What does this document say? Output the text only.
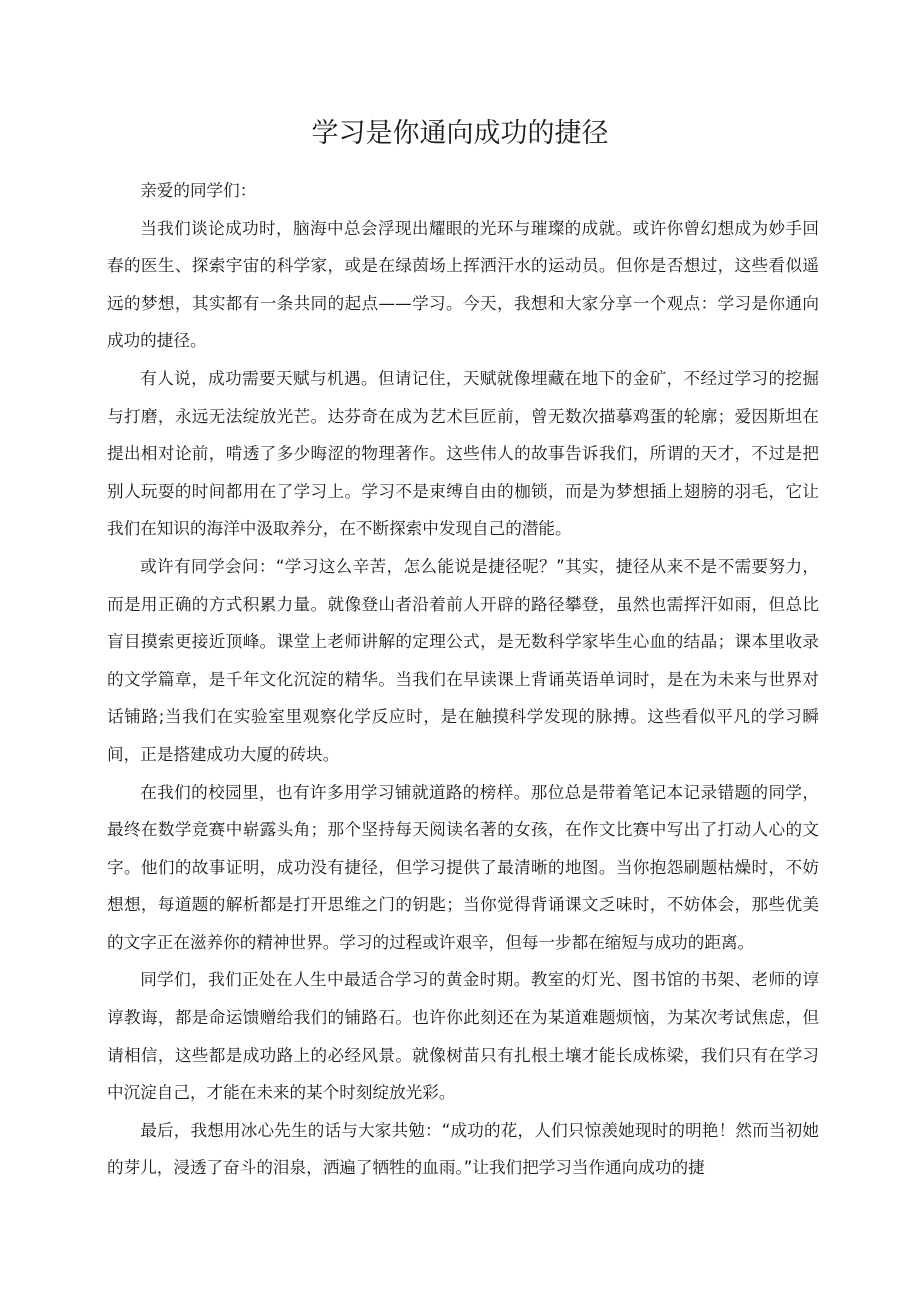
学习是你通向成功的捷径

亲爱的同学们：

当我们谈论成功时，脑海中总会浮现出耀眼的光环与璀璨的成就。或许你曾幻想成为妙手回春的医生、探索宇宙的科学家，或是在绿茵场上挥洒汗水的运动员。但你是否想过，这些看似遥远的梦想，其实都有一条共同的起点——学习。今天，我想和大家分享一个观点：学习是你通向成功的捷径。

有人说，成功需要天赋与机遇。但请记住，天赋就像埋藏在地下的金矿，不经过学习的挖掘与打磨，永远无法绽放光芒。达芬奇在成为艺术巨匠前，曾无数次描摹鸡蛋的轮廓；爱因斯坦在提出相对论前，啃透了多少晦涩的物理著作。这些伟人的故事告诉我们，所谓的天才，不过是把别人玩耍的时间都用在了学习上。学习不是束缚自由的枷锁，而是为梦想插上翅膀的羽毛，它让我们在知识的海洋中汲取养分，在不断探索中发现自己的潜能。

或许有同学会问：“学习这么辛苦，怎么能说是捷径呢？”其实，捷径从来不是不需要努力，而是用正确的方式积累力量。就像登山者沿着前人开辟的路径攀登，虽然也需挥汗如雨，但总比盲目摸索更接近顶峰。课堂上老师讲解的定理公式，是无数科学家毕生心血的结晶；课本里收录的文学篇章，是千年文化沉淀的精华。当我们在早读课上背诵英语单词时，是在为未来与世界对话铺路;当我们在实验室里观察化学反应时，是在触摸科学发现的脉搏。这些看似平凡的学习瞬间，正是搭建成功大厦的砖块。

在我们的校园里，也有许多用学习铺就道路的榜样。那位总是带着笔记本记录错题的同学，最终在数学竞赛中崭露头角；那个坚持每天阅读名著的女孩，在作文比赛中写出了打动人心的文字。他们的故事证明，成功没有捷径，但学习提供了最清晰的地图。当你抱怨刷题枯燥时，不妨想想，每道题的解析都是打开思维之门的钥匙；当你觉得背诵课文乏味时，不妨体会，那些优美的文字正在滋养你的精神世界。学习的过程或许艰辛，但每一步都在缩短与成功的距离。

同学们，我们正处在人生中最适合学习的黄金时期。教室的灯光、图书馆的书架、老师的谆谆教诲，都是命运馈赠给我们的铺路石。也许你此刻还在为某道难题烦恼，为某次考试焦虑，但请相信，这些都是成功路上的必经风景。就像树苗只有扎根土壤才能长成栋梁，我们只有在学习中沉淀自己，才能在未来的某个时刻绽放光彩。

最后，我想用冰心先生的话与大家共勉：“成功的花，人们只惊羡她现时的明艳！然而当初她的芽儿，浸透了奋斗的泪泉，洒遍了牺牲的血雨。”让我们把学习当作通向成功的捷
